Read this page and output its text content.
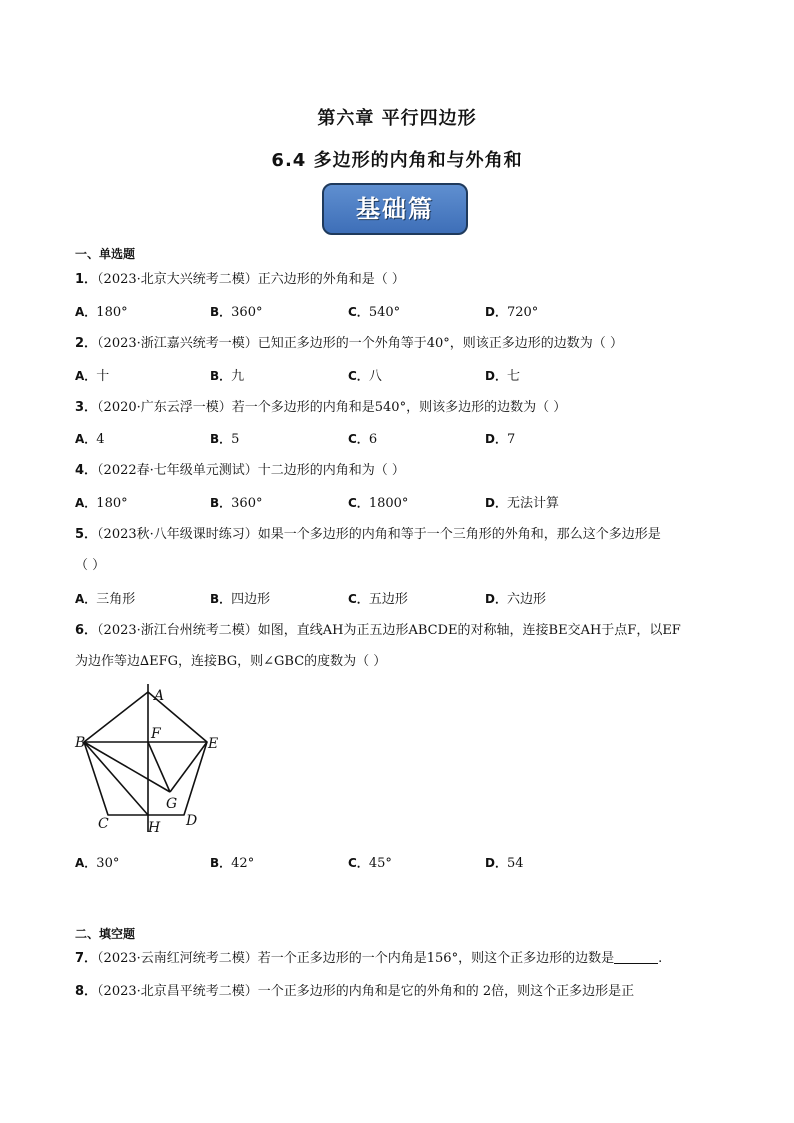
第六章 平行四边形
6.4 多边形的内角和与外角和
基础篇
一、单选题
1．（2023·北京大兴统考二模）正六边形的外角和是（ ）
A．180°	B．360°	C．540°	D．720°
2．（2023·浙江嘉兴统考一模）已知正多边形的一个外角等于40°，则该正多边形的边数为（ ）
A．十	B．九	C．八	D．七
3．（2020·广东云浮一模）若一个多边形的内角和是540°，则该多边形的边数为（ ）
A．4	B．5	C．6	D．7
4．（2022春·七年级单元测试）十二边形的内角和为（ ）
A．180°	B．360°	C．1800°	D．无法计算
5．（2023秋·八年级课时练习）如果一个多边形的内角和等于一个三角形的外角和，那么这个多边形是
（ ）
A．三角形	B．四边形	C．五边形	D．六边形
6．（2023·浙江台州统考二模）如图，直线AH为正五边形ABCDE的对称轴，连接BE交AH于点F，以EF
为边作等边∆EFG，连接BG，则∠GBC的度数为（ ）
A
B
C	D
E
F
G
H
A．30°	B．42°	C．45°	D．54
二、填空题
7．（2023·云南红河统考二模）若一个正多边形的一个内角是156°，则这个正多边形的边数是	.
8．（2023·北京昌平统考二模）一个正多边形的内角和是它的外角和的 2倍，则这个正多边形是正
